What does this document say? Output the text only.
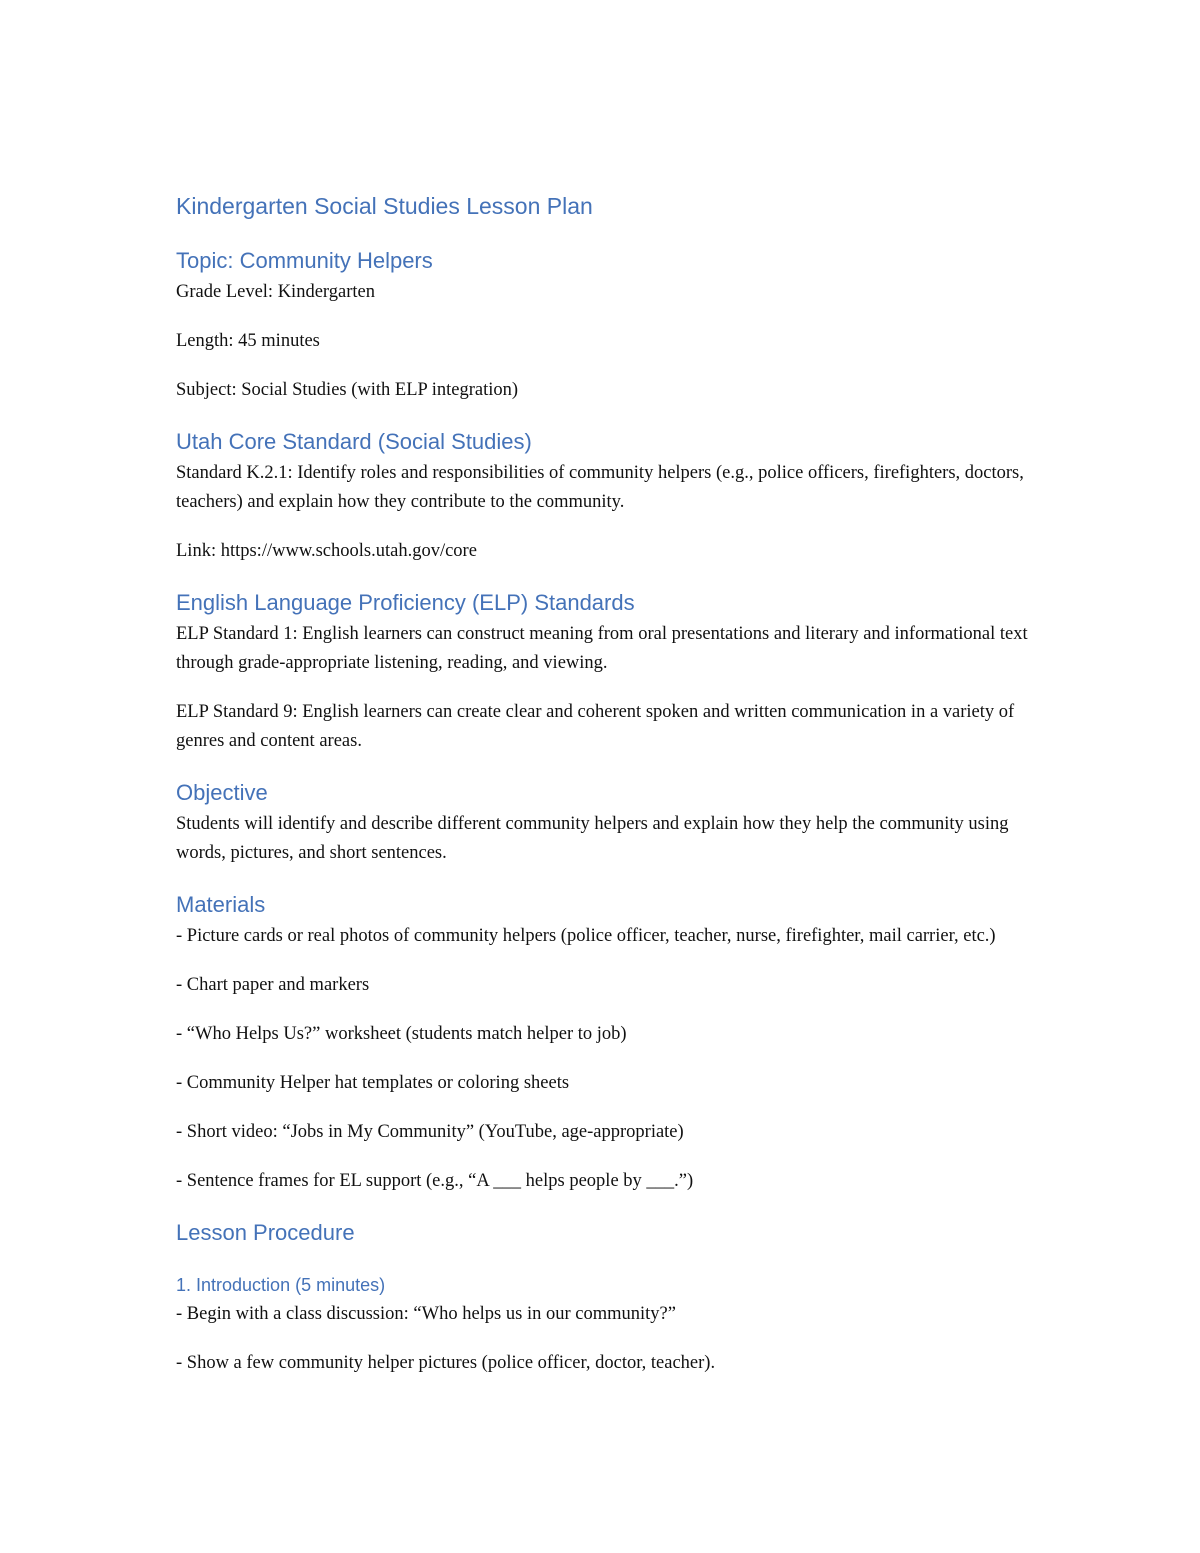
Kindergarten Social Studies Lesson Plan
Topic: Community Helpers

Grade Level: Kindergarten

Length: 45 minutes

Subject: Social Studies (with ELP integration)

Utah Core Standard (Social Studies)

Standard K.2.1: Identify roles and responsibilities of community helpers (e.g., police officers, firefighters, doctors, teachers) and explain how they contribute to the community.

Link: https://www.schools.utah.gov/core

English Language Proficiency (ELP) Standards

ELP Standard 1: English learners can construct meaning from oral presentations and literary and informational text through grade-appropriate listening, reading, and viewing.

ELP Standard 9: English learners can create clear and coherent spoken and written communication in a variety of genres and content areas.

Objective

Students will identify and describe different community helpers and explain how they help the community using words, pictures, and short sentences.

Materials

- Picture cards or real photos of community helpers (police officer, teacher, nurse, firefighter, mail carrier, etc.)

- Chart paper and markers

- “Who Helps Us?” worksheet (students match helper to job)

- Community Helper hat templates or coloring sheets

- Short video: “Jobs in My Community” (YouTube, age-appropriate)

- Sentence frames for EL support (e.g., “A ___ helps people by ___.”)

Lesson Procedure
1. Introduction (5 minutes)

- Begin with a class discussion: “Who helps us in our community?”

- Show a few community helper pictures (police officer, doctor, teacher).
